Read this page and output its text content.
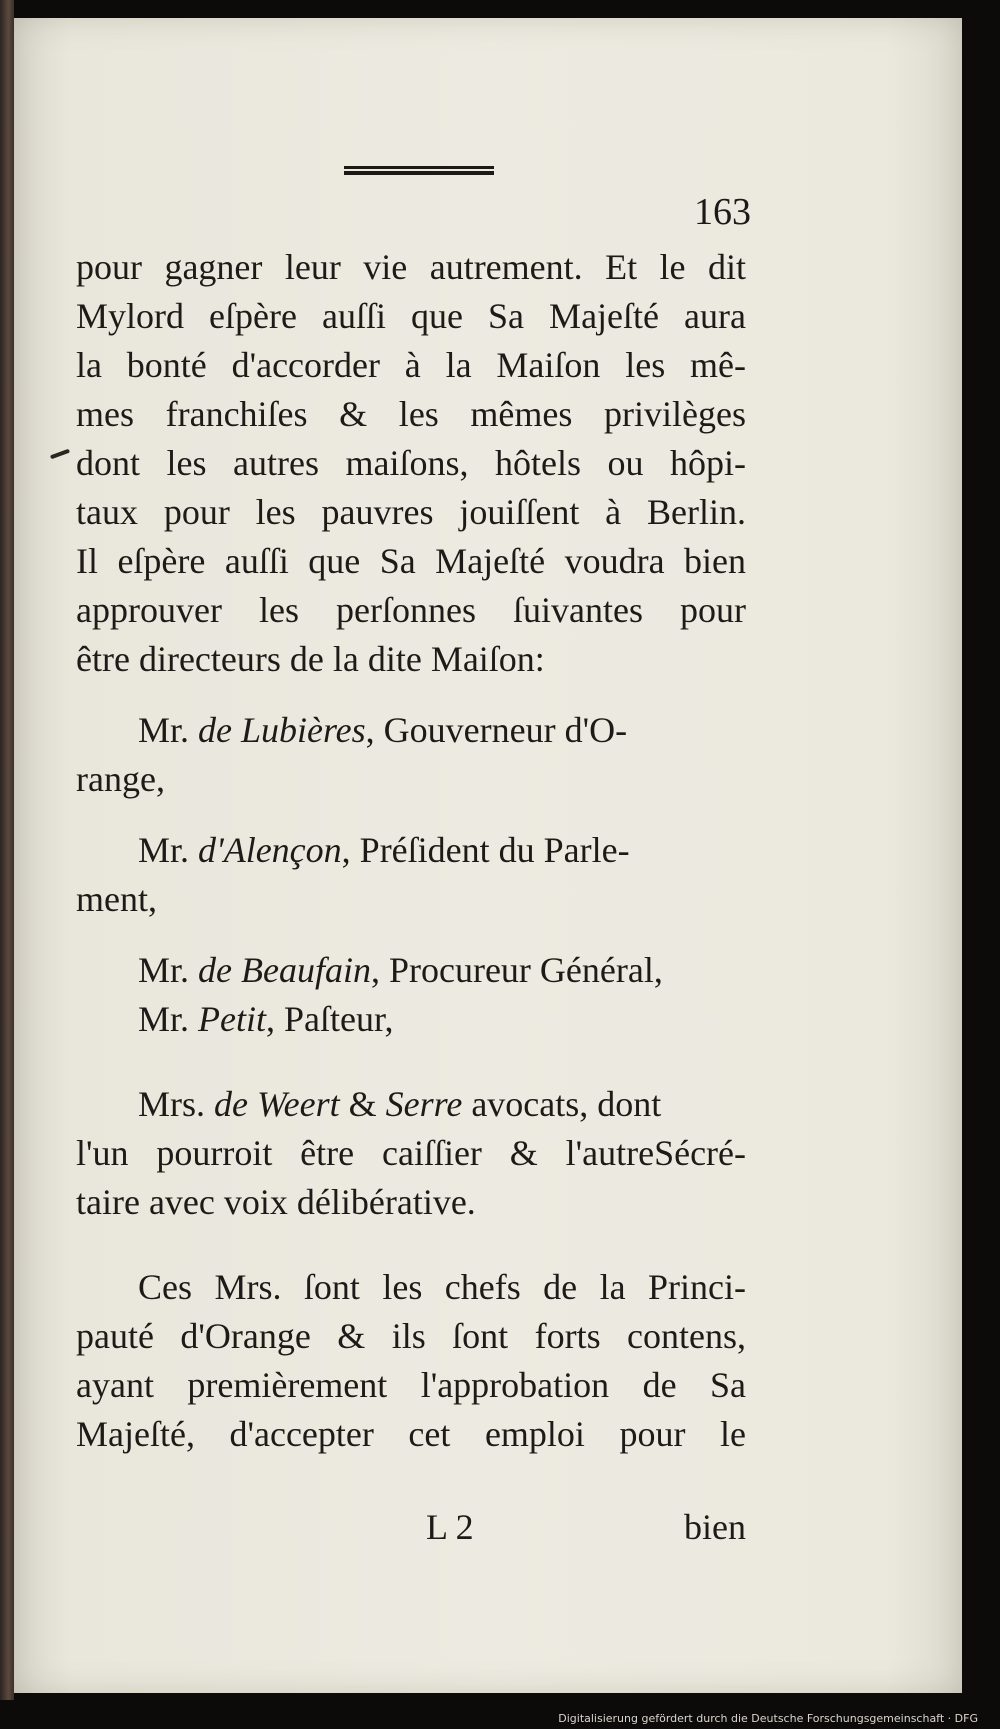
163
pour gagner leur vie autrement. Et le dit
Mylord eſpère auſſi que Sa Majeſté aura
la bonté d'accorder à la Maiſon les mê-
mes franchiſes & les mêmes privilèges
dont les autres maiſons, hôtels ou hôpi-
taux pour les pauvres jouiſſent à Berlin.
Il eſpère auſſi que Sa Majeſté voudra bien
approuver les perſonnes ſuivantes pour
être directeurs de la dite Maiſon:
Mr. de Lubières, Gouverneur d'O-
range,
Mr. d'Alençon, Préſident du Parle-
ment,
Mr. de Beaufain, Procureur Général,
Mr. Petit, Paſteur,
Mrs. de Weert & Serre avocats, dont
l'un pourroit être caiſſier & l'autreSécré-
taire avec voix délibérative.
Ces Mrs. ſont les chefs de la Princi-
pauté d'Orange & ils ſont forts contens,
ayant premièrement l'approbation de Sa
Majeſté, d'accepter cet emploi pour le
L 2	bien
Digitalisierung gefördert durch die Deutsche Forschungsgemeinschaft · DFG
